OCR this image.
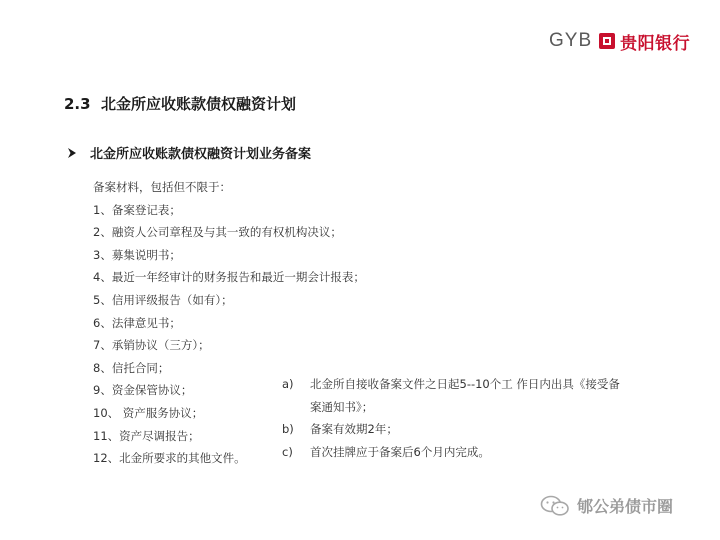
GYB 贵阳银行
2.3 北金所应收账款债权融资计划
北金所应收账款债权融资计划业务备案
备案材料，包括但不限于：
1、备案登记表；
2、融资人公司章程及与其一致的有权机构决议；
3、募集说明书；
4、最近一年经审计的财务报告和最近一期会计报表；
5、信用评级报告（如有）；
6、法律意见书；
7、承销协议（三方）；
8、信托合同；
9、资金保管协议；
10、 资产服务协议；
11、资产尽调报告；
12、北金所要求的其他文件。
a)	北金所自接收备案文件之日起5--10个工 作日内出具《接受备案通知书》；
b)	备案有效期2年；
c)	首次挂牌应于备案后6个月内完成。
郇公弟债市圈
